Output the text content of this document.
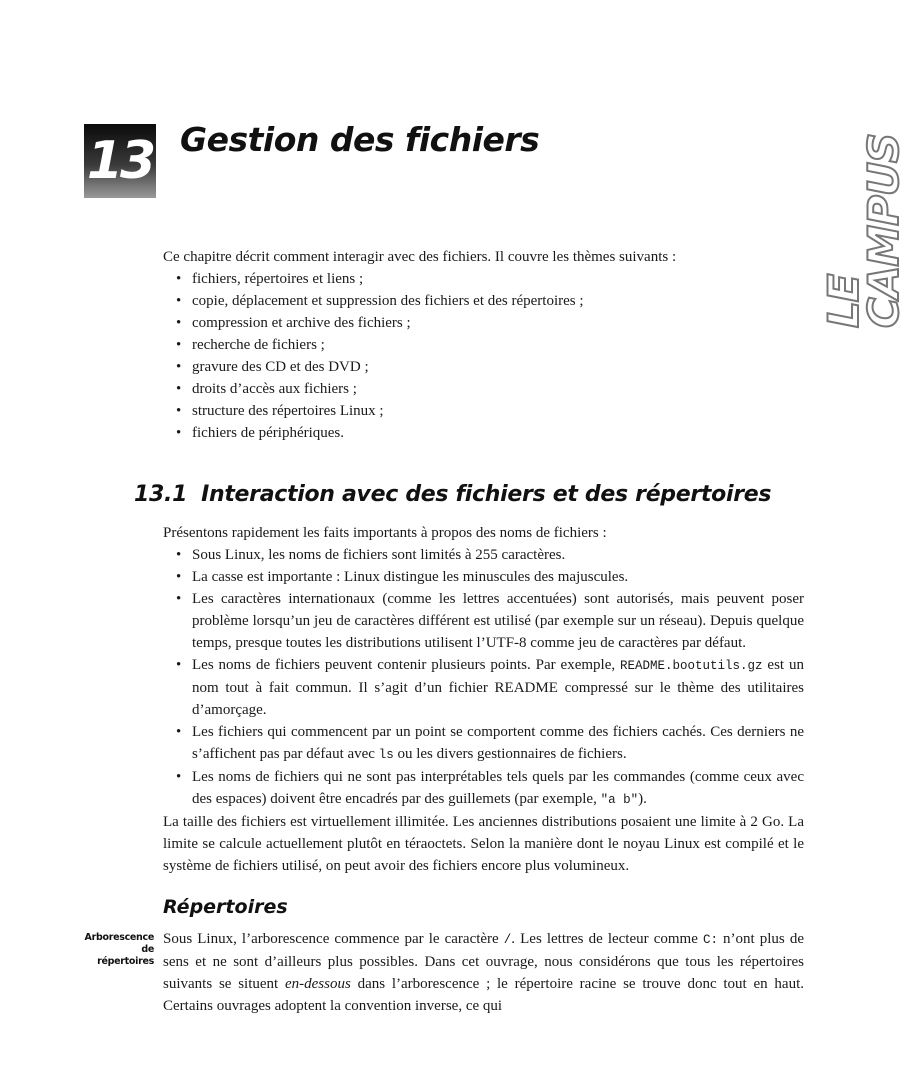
13 Gestion des fichiers
LE CAMPUS

Ce chapitre décrit comment interagir avec des fichiers. Il couvre les thèmes suivants :

• fichiers, répertoires et liens ;
• copie, déplacement et suppression des fichiers et des répertoires ;
• compression et archive des fichiers ;
• recherche de fichiers ;
• gravure des CD et des DVD ;
• droits d’accès aux fichiers ;
• structure des répertoires Linux ;
• fichiers de périphériques.
13.1 Interaction avec des fichiers et des répertoires

Présentons rapidement les faits importants à propos des noms de fichiers :

• Sous Linux, les noms de fichiers sont limités à 255 caractères.
• La casse est importante : Linux distingue les minuscules des majuscules.
• Les caractères internationaux (comme les lettres accentuées) sont autorisés, mais peuvent poser problème lorsqu’un jeu de caractères différent est utilisé (par exemple sur un réseau). Depuis quelque temps, presque toutes les distributions utilisent l’UTF-8 comme jeu de caractères par défaut.
• Les noms de fichiers peuvent contenir plusieurs points. Par exemple, README.bootutils.gz est un nom tout à fait commun. Il s’agit d’un fichier README compressé sur le thème des utilitaires d’amorçage.
• Les fichiers qui commencent par un point se comportent comme des fichiers cachés. Ces derniers ne s’affichent pas par défaut avec ls ou les divers gestionnaires de fichiers.
• Les noms de fichiers qui ne sont pas interprétables tels quels par les commandes (comme ceux avec des espaces) doivent être encadrés par des guillemets (par exemple, "a b").

La taille des fichiers est virtuellement illimitée. Les anciennes distributions posaient une limite à 2 Go. La limite se calcule actuellement plutôt en téraoctets. Selon la manière dont le noyau Linux est compilé et le système de fichiers utilisé, on peut avoir des fichiers encore plus volumineux.

Répertoires
Arborescence
de répertoires

Sous Linux, l’arborescence commence par le caractère /. Les lettres de lecteur comme C: n’ont plus de sens et ne sont d’ailleurs plus possibles. Dans cet ouvrage, nous considérons que tous les répertoires suivants se situent en-dessous dans l’arborescence ; le répertoire racine se trouve donc tout en haut. Certains ouvrages adoptent la convention inverse, ce qui
